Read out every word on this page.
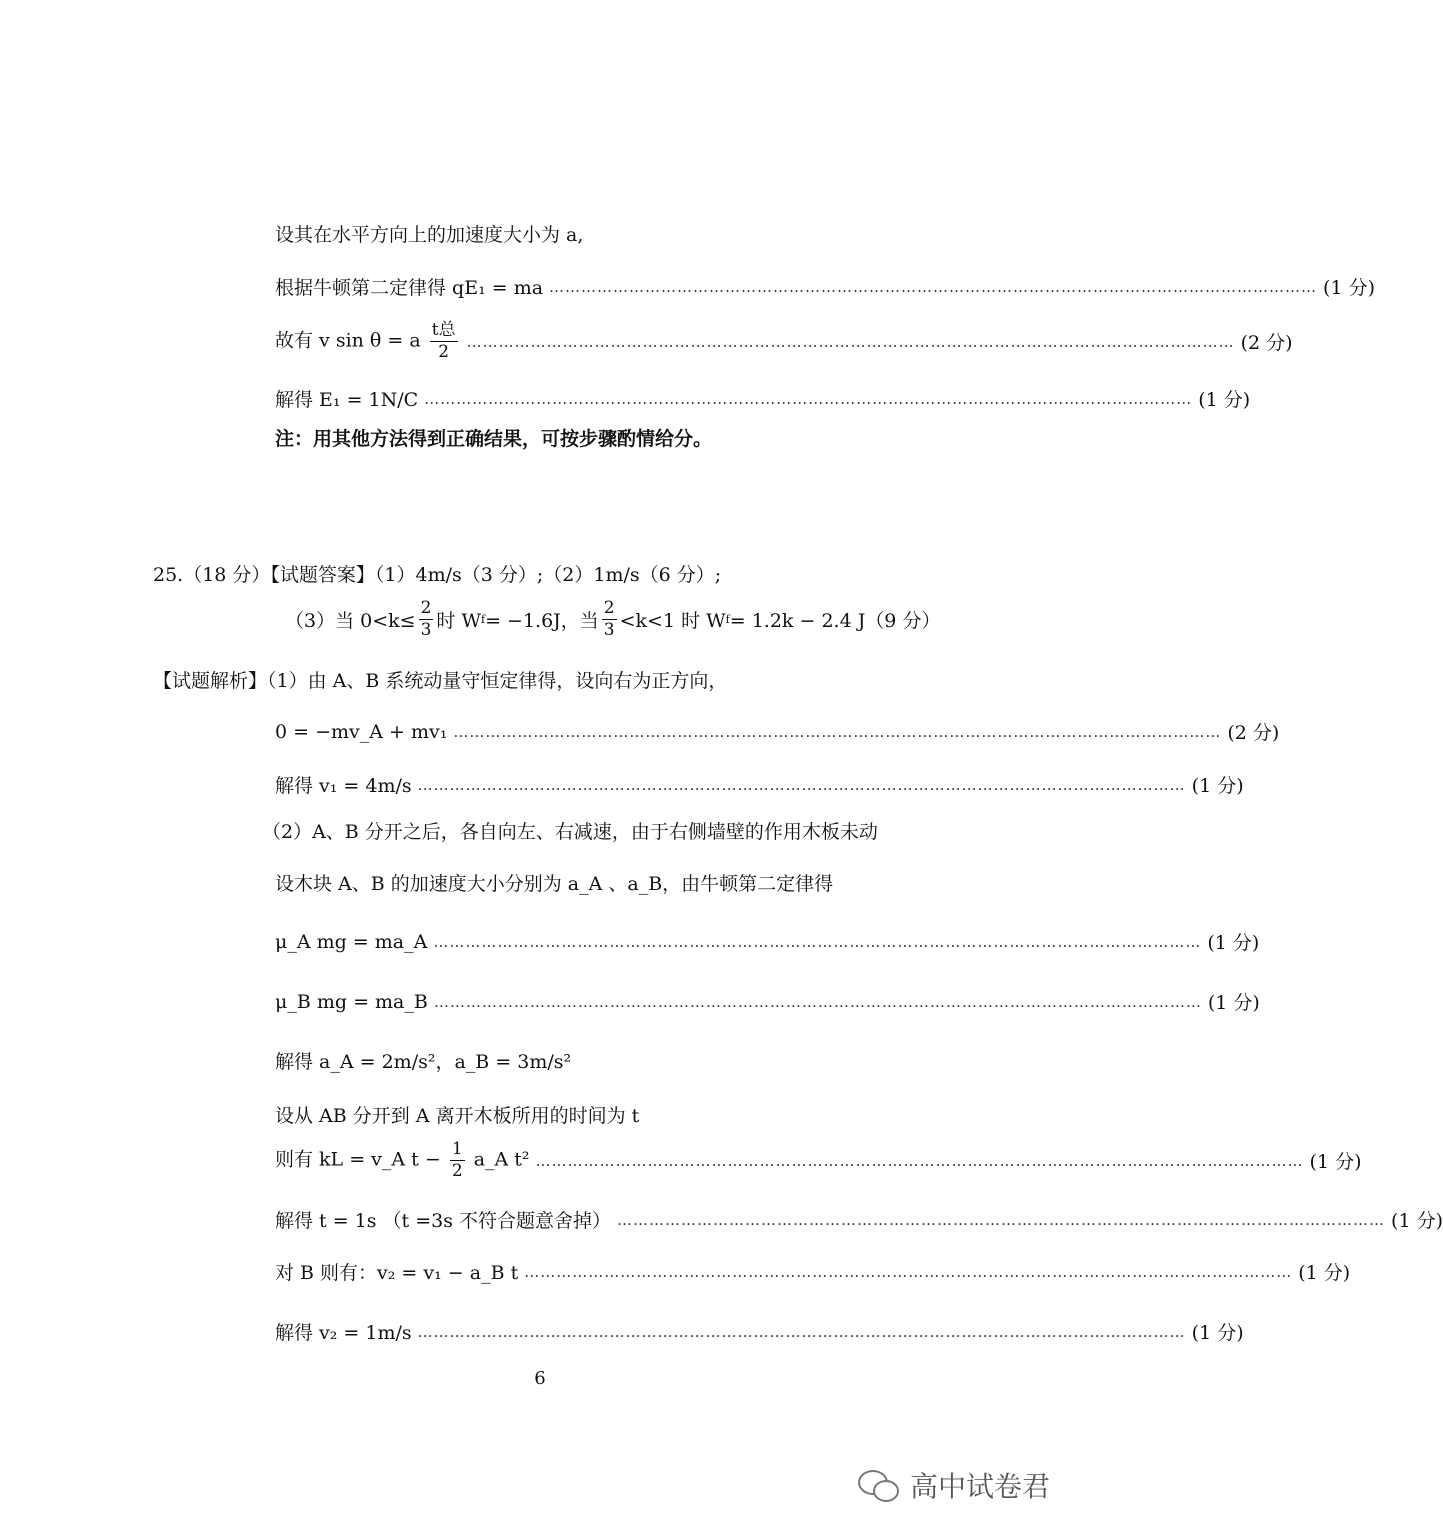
设其在水平方向上的加速度大小为 a,
根据牛顿第二定律得 qE₁ = ma ……………………………………………………………………………………………………………………………… (1 分)
故有 v sin θ = a $\frac{\text{t总}}{2}$ ……………………………………………………………………………………………………………………………… (2 分)
解得 E₁ = 1N/C ……………………………………………………………………………………………………………………………… (1 分)
注：用其他方法得到正确结果，可按步骤酌情给分。
25.（18 分）【试题答案】（1）4m/s（3 分）;（2）1m/s（6 分）;
（3）当 $0<k\le \frac{2}{3}$ 时 W f = −1.6J，当 $\frac{2}{3} <k<1$ 时 W f = 1.2k − 2.4 J（9 分）
【试题解析】（1）由 A、B 系统动量守恒定律得，设向右为正方向，
0 = −mv_A + mv₁ ……………………………………………………………………………………………………………………………… (2 分)
解得 v₁ = 4m/s ……………………………………………………………………………………………………………………………… (1 分)
（2）A、B 分开之后，各自向左、右减速，由于右侧墙壁的作用木板未动
设木块 A、B 的加速度大小分别为 a_A 、a_B，由牛顿第二定律得
μ_A mg = ma_A ……………………………………………………………………………………………………………………………… (1 分)
μ_B mg = ma_B ……………………………………………………………………………………………………………………………… (1 分)
解得 a_A = 2m/s²，a_B = 3m/s²
设从 AB 分开到 A 离开木板所用的时间为 t
则有 kL = v_A $t - \frac{1}{2}$ a_A t² ……………………………………………………………………………………………………………………………… (1 分)
解得 t = 1s （t =3s 不符合题意舍掉） ……………………………………………………………………………………………………………………………… (1 分)
对 B 则有：v₂ = v₁ − a_B t ……………………………………………………………………………………………………………………………… (1 分)
解得 v₂ = 1m/s ……………………………………………………………………………………………………………………………… (1 分)
6
高中试卷君
